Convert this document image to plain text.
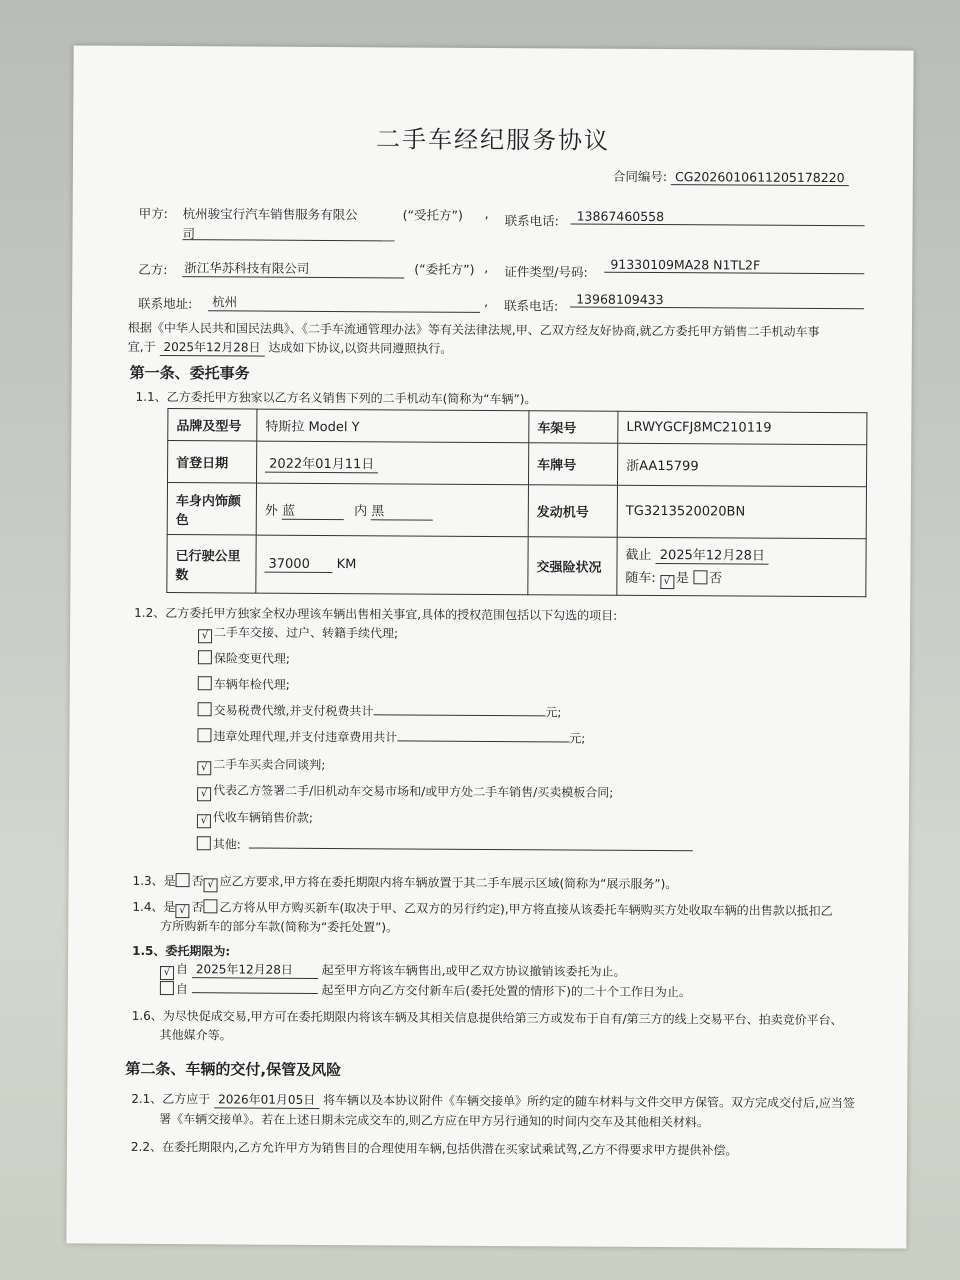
二手车经纪服务协议
合同编号: CG2026010611205178220
甲方: 杭州骏宝行汽车销售服务有限公
司
(“受托方”) , 联系电话:	13867460558
乙方: 浙江华苏科技有限公司	(“委托方”) , 证件类型/号码:	91330109MA28 N1TL2F
联系地址:	杭州	, 联系电话:	13968109433
根据《中华人民共和国民法典》、《二手车流通管理办法》等有关法律法规,甲、乙双方经友好协商,就乙方委托甲方销售二手机动车事
宜,于 2025年12月28日 达成如下协议,以资共同遵照执行。
第一条、委托事务
1.1、乙方委托甲方独家以乙方名义销售下列的二手机动车(简称为“车辆”)。
品牌及型号	特斯拉 Model Y	车架号	LRWYGCFJ8MC210119
首登日期	2022年01月11日	车牌号	浙AA15799
车身内饰颜色	外 蓝 内 黑	发动机号	TG3213520020BN
已行驶公里数	37000 KM	交强险状况	截止 2025年12月28日
随车: √ 是 否
1.2、乙方委托甲方独家全权办理该车辆出售相关事宜,具体的授权范围包括以下勾选的项目:
√ 二手车交接、过户、转籍手续代理;
保险变更代理;
车辆年检代理;
交易税费代缴,并支付税费共计	元;
违章处理代理,并支付违章费用共计	元;
√ 二手车买卖合同谈判;
√ 代表乙方签署二手/旧机动车交易市场和/或甲方处二手车销售/买卖模板合同;
√ 代收车辆销售价款;
其他:
1.3、是 否 √ 应乙方要求,甲方将在委托期限内将车辆放置于其二手车展示区域(简称为“展示服务”)。
1.4、是 √ 否 乙方将从甲方购买新车(取决于甲、乙双方的另行约定),甲方将直接从该委托车辆购买方处收取车辆的出售款以抵扣乙
方所购新车的部分车款(简称为“委托处置”)。
1.5、委托期限为:
√ 自 2025年12月28日 起至甲方将该车辆售出,或甲乙双方协议撤销该委托为止。
自	起至甲方向乙方交付新车后(委托处置的情形下)的二十个工作日为止。
1.6、为尽快促成交易,甲方可在委托期限内将该车辆及其相关信息提供给第三方或发布于自有/第三方的线上交易平台、拍卖竞价平台、
其他媒介等。
第二条、车辆的交付,保管及风险
2.1、乙方应于 2026年01月05日 将车辆以及本协议附件《车辆交接单》所约定的随车材料与文件交甲方保管。双方完成交付后,应当签
署《车辆交接单》。若在上述日期未完成交车的,则乙方应在甲方另行通知的时间内交车及其他相关材料。
2.2、在委托期限内,乙方允许甲方为销售目的合理使用车辆,包括供潜在买家试乘试驾,乙方不得要求甲方提供补偿。
